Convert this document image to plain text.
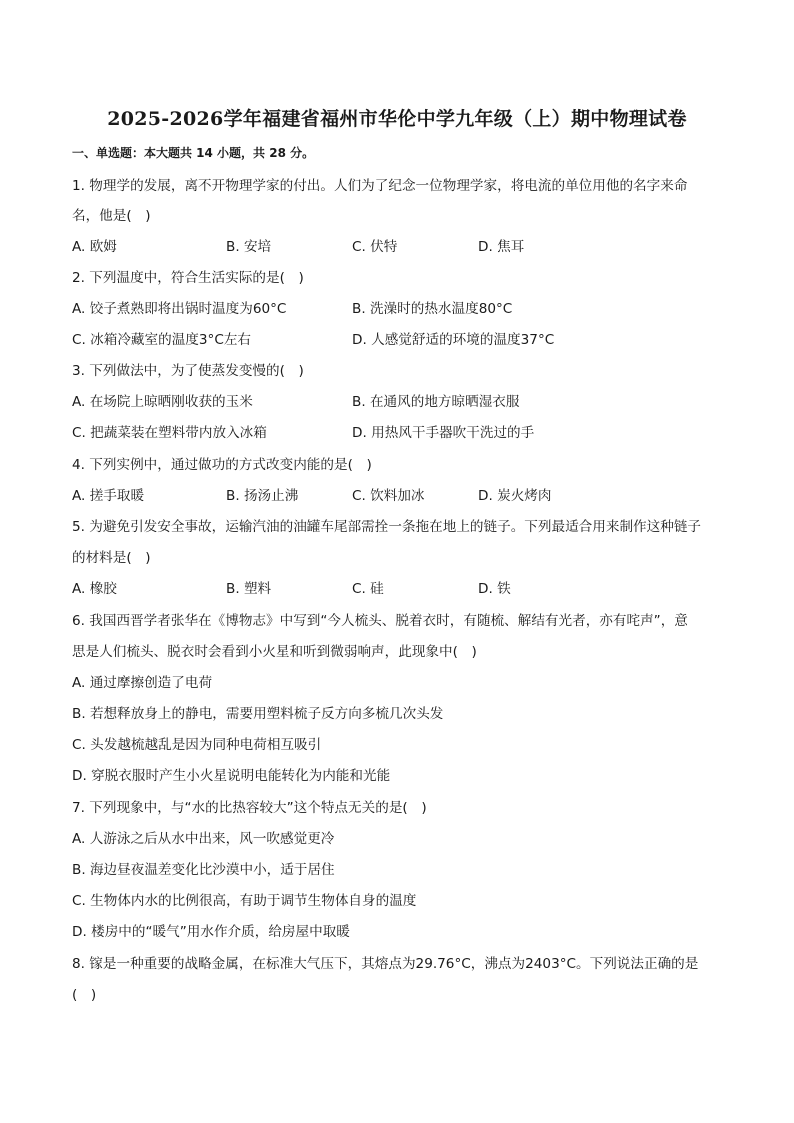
2025-2026学年福建省福州市华伦中学九年级（上）期中物理试卷
一、单选题：本大题共 14 小题，共 28 分。
1. 物理学的发展，离不开物理学家的付出。人们为了纪念一位物理学家，将电流的单位用他的名字来命
名，他是(　)
A. 欧姆	B. 安培	C. 伏特	D. 焦耳
2. 下列温度中，符合生活实际的是(　)
A. 饺子煮熟即将出锅时温度为60°C	B. 洗澡时的热水温度80°C
C. 冰箱冷藏室的温度3°C左右	D. 人感觉舒适的环境的温度37°C
3. 下列做法中，为了使蒸发变慢的(　)
A. 在场院上晾晒刚收获的玉米	B. 在通风的地方晾晒湿衣服
C. 把蔬菜装在塑料带内放入冰箱	D. 用热风干手器吹干洗过的手
4. 下列实例中，通过做功的方式改变内能的是(　)
A. 搓手取暖	B. 扬汤止沸	C. 饮料加冰	D. 炭火烤肉
5. 为避免引发安全事故，运输汽油的油罐车尾部需拴一条拖在地上的链子。下列最适合用来制作这种链子
的材料是(　)
A. 橡胶	B. 塑料	C. 硅	D. 铁
6. 我国西晋学者张华在《博物志》中写到“今人梳头、脱着衣时，有随梳、解结有光者，亦有咤声”，意
思是人们梳头、脱衣时会看到小火星和听到微弱响声，此现象中(　)
A. 通过摩擦创造了电荷
B. 若想释放身上的静电，需要用塑料梳子反方向多梳几次头发
C. 头发越梳越乱是因为同种电荷相互吸引
D. 穿脱衣服时产生小火星说明电能转化为内能和光能
7. 下列现象中，与“水的比热容较大”这个特点无关的是(　)
A. 人游泳之后从水中出来，风一吹感觉更冷
B. 海边昼夜温差变化比沙漠中小，适于居住
C. 生物体内水的比例很高，有助于调节生物体自身的温度
D. 楼房中的“暖气”用水作介质，给房屋中取暖
8. 镓是一种重要的战略金属，在标准大气压下，其熔点为29.76°C，沸点为2403°C。下列说法正确的是
(　)
